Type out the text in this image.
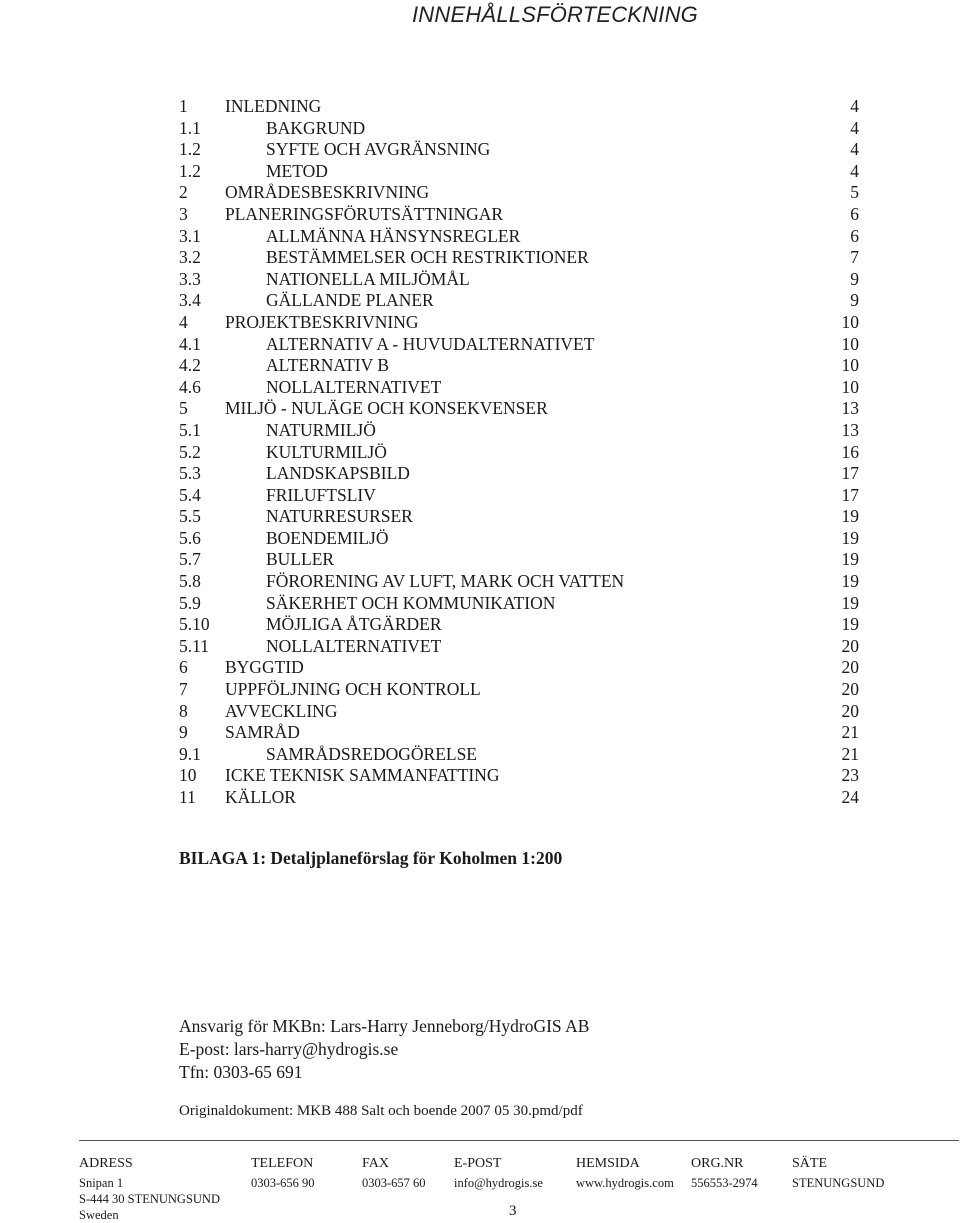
INNEHÅLLSFÖRTECKNING
1 INLEDNING	4
1.1	BAKGRUND	4
1.2	SYFTE OCH AVGRÄNSNING	4
1.2	METOD	4
2 OMRÅDESBESKRIVNING	5
3 PLANERINGSFÖRUTSÄTTNINGAR	6
3.1	ALLMÄNNA HÄNSYNSREGLER	6
3.2	BESTÄMMELSER OCH RESTRIKTIONER	7
3.3	NATIONELLA MILJÖMÅL	9
3.4	GÄLLANDE PLANER	9
4 PROJEKTBESKRIVNING	10
4.1	ALTERNATIV A - HUVUDALTERNATIVET	10
4.2	ALTERNATIV B	10
4.6	NOLLALTERNATIVET	10
5 MILJÖ - NULÄGE OCH KONSEKVENSER	13
5.1	NATURMILJÖ	13
5.2	KULTURMILJÖ	16
5.3	LANDSKAPSBILD	17
5.4	FRILUFTSLIV	17
5.5	NATURRESURSER	19
5.6	BOENDEMILJÖ	19
5.7	BULLER	19
5.8	FÖRORENING AV LUFT, MARK OCH VATTEN	19
5.9	SÄKERHET OCH KOMMUNIKATION	19
5.10	MÖJLIGA ÅTGÄRDER	19
5.11	NOLLALTERNATIVET	20
6 BYGGTID	20
7 UPPFÖLJNING OCH KONTROLL	20
8 AVVECKLING	20
9 SAMRÅD	21
9.1	SAMRÅDSREDOGÖRELSE	21
10 ICKE TEKNISK SAMMANFATTING	23
11 KÄLLOR	24
BILAGA 1: Detaljplaneförslag för Koholmen 1:200
Ansvarig för MKBn: Lars-Harry Jenneborg/HydroGIS AB
E-post: lars-harry@hydrogis.se
Tfn: 0303-65 691
Originaldokument: MKB 488 Salt och boende 2007 05 30.pmd/pdf
ADRESS
Snipan 1
S-444 30 STENUNGSUND
Sweden
TELEFON
0303-656 90
FAX
0303-657 60
E-POST
info@hydrogis.se
HEMSIDA
www.hydrogis.com
ORG.NR
556553-2974
SÄTE
STENUNGSUND
3
